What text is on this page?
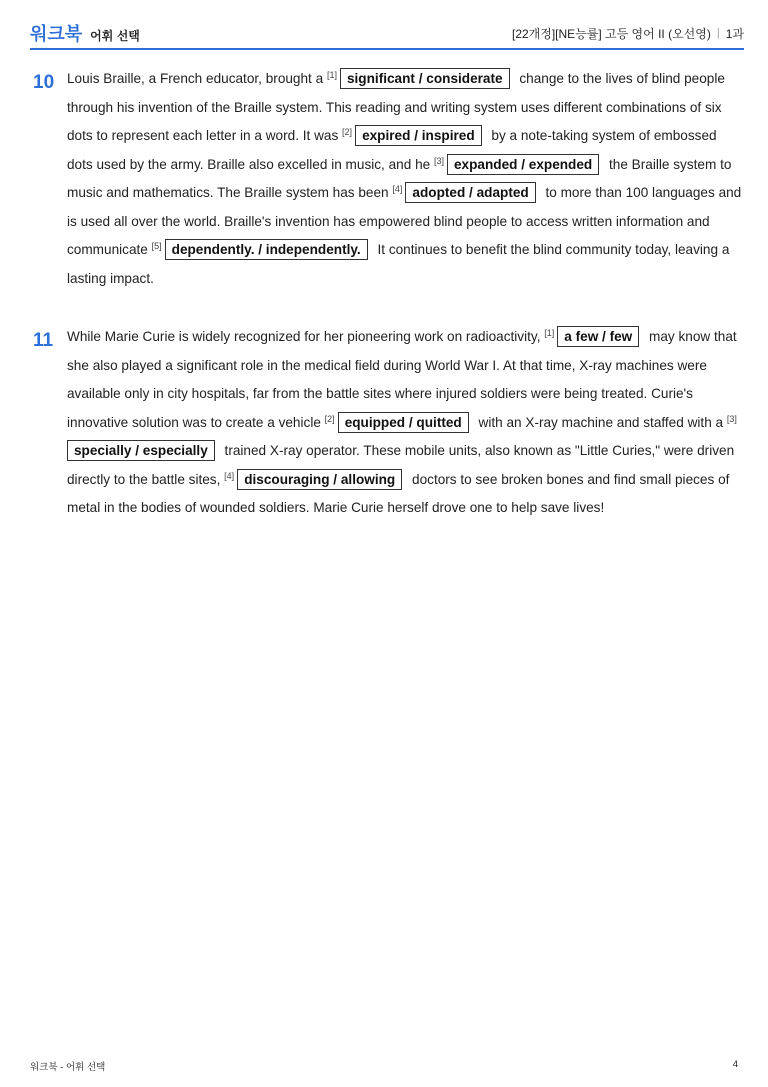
워크북 어휘 선택	[22개정][NE능률] 고등 영어 II (오선영) | 1과
10 Louis Braille, a French educator, brought a [1] significant / considerate change to the lives of blind people through his invention of the Braille system. This reading and writing system uses different combinations of six dots to represent each letter in a word. It was [2] expired / inspired by a note-taking system of embossed dots used by the army. Braille also excelled in music, and he [3] expanded / expended the Braille system to music and mathematics. The Braille system has been [4] adopted / adapted to more than 100 languages and is used all over the world. Braille's invention has empowered blind people to access written information and communicate [5] dependently. / independently. It continues to benefit the blind community today, leaving a lasting impact.
11 While Marie Curie is widely recognized for her pioneering work on radioactivity, [1] a few / few may know that she also played a significant role in the medical field during World War I. At that time, X-ray machines were available only in city hospitals, far from the battle sites where injured soldiers were being treated. Curie's innovative solution was to create a vehicle [2] equipped / quitted with an X-ray machine and staffed with a [3]specially / especially trained X-ray operator. These mobile units, also known as "Little Curies," were driven directly to the battle sites, [4] discouraging / allowing doctors to see broken bones and find small pieces of metal in the bodies of wounded soldiers. Marie Curie herself drove one to help save lives!
워크북 - 어휘 선택	4
